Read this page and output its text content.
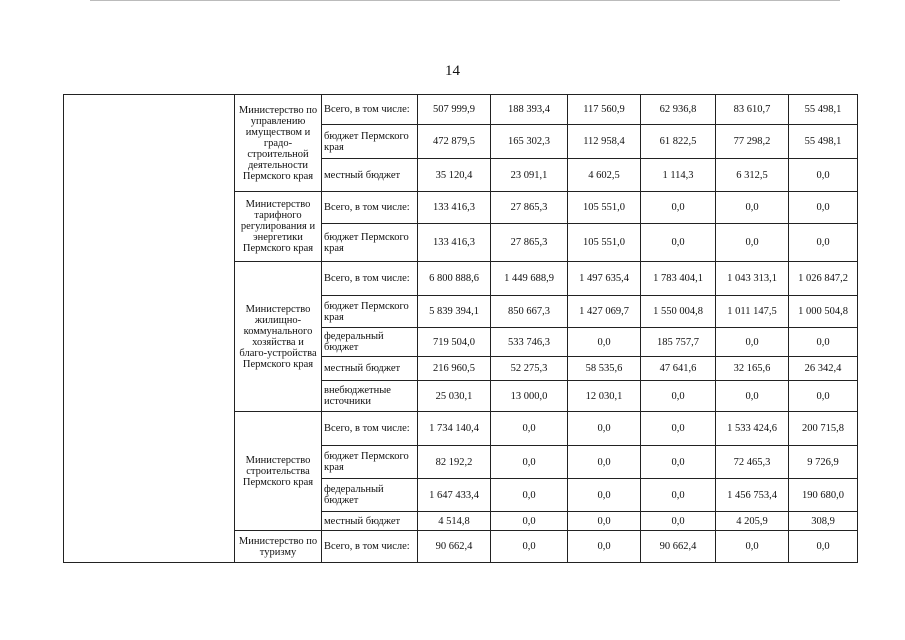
14
	Министерство по управлению имуществом и градо-строительной деятельности Пермского края	Всего, в том числе:	507 999,9	188 393,4	117 560,9	62 936,8	83 610,7	55 498,1
		бюджет Пермского края	472 879,5	165 302,3	112 958,4	61 822,5	77 298,2	55 498,1
		местный бюджет	35 120,4	23 091,1	4 602,5	1 114,3	6 312,5	0,0
	Министерство тарифного регулирования и энергетики Пермского края	Всего, в том числе:	133 416,3	27 865,3	105 551,0	0,0	0,0	0,0
		бюджет Пермского края	133 416,3	27 865,3	105 551,0	0,0	0,0	0,0
	Министерство жилищно-коммунального хозяйства и благо-устройства Пермского края	Всего, в том числе:	6 800 888,6	1 449 688,9	1 497 635,4	1 783 404,1	1 043 313,1	1 026 847,2
		бюджет Пермского края	5 839 394,1	850 667,3	1 427 069,7	1 550 004,8	1 011 147,5	1 000 504,8
		федеральный бюджет	719 504,0	533 746,3	0,0	185 757,7	0,0	0,0
		местный бюджет	216 960,5	52 275,3	58 535,6	47 641,6	32 165,6	26 342,4
		внебюджетные источники	25 030,1	13 000,0	12 030,1	0,0	0,0	0,0
	Министерство строительства Пермского края	Всего, в том числе:	1 734 140,4	0,0	0,0	0,0	1 533 424,6	200 715,8
		бюджет Пермского края	82 192,2	0,0	0,0	0,0	72 465,3	9 726,9
		федеральный бюджет	1 647 433,4	0,0	0,0	0,0	1 456 753,4	190 680,0
		местный бюджет	4 514,8	0,0	0,0	0,0	4 205,9	308,9
	Министерство по туризму	Всего, в том числе:	90 662,4	0,0	0,0	90 662,4	0,0	0,0
